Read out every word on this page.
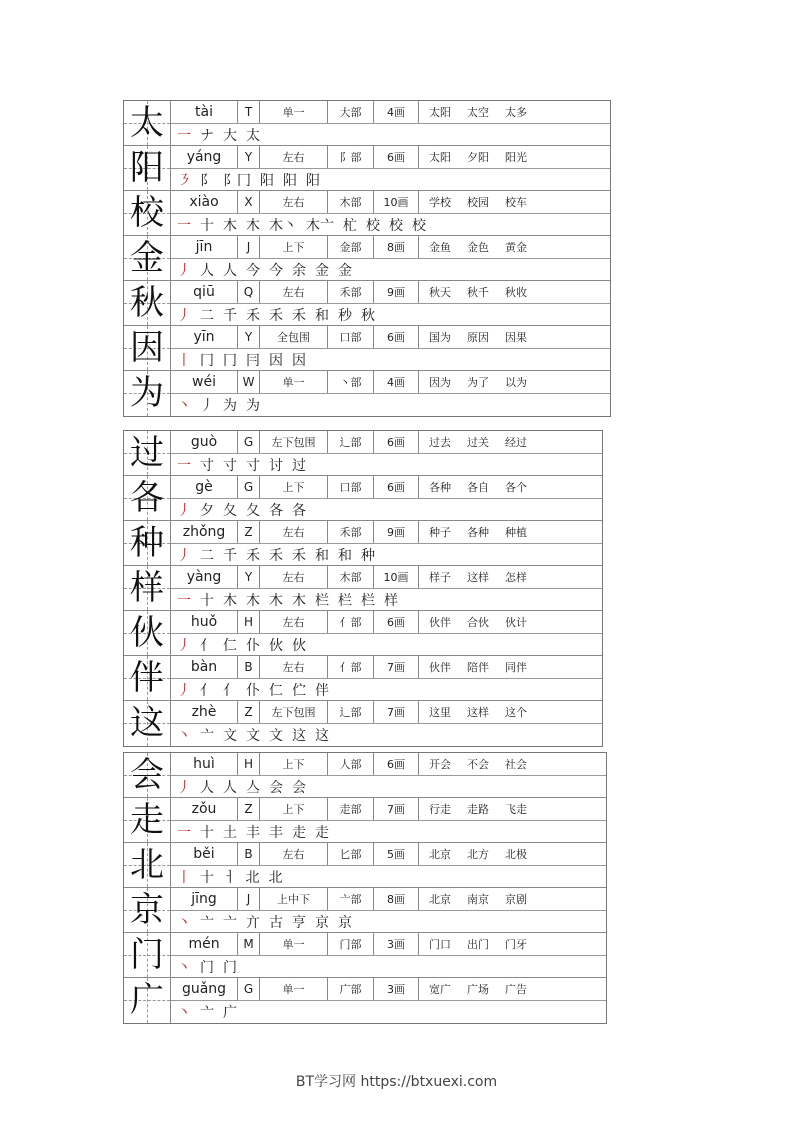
太	tài	T	单一	大部	4画	太阳 太空 太多
一 ナ 大 太
阳	yáng	Y	左右	阝部	6画	太阳 夕阳 阳光
㇋ 阝 阝冂 阳 阳 阳
校	xiào	X	左右	木部	10画	学校 校园 校车
一 十 木 木 木丶 木亠 杧 校 校 校
金	jīn	J	上下	金部	8画	金鱼 金色 黄金
丿 人 人 今 今 余 金 金
秋	qiū	Q	左右	禾部	9画	秋天 秋千 秋收
丿 二 千 禾 禾 禾 和 秒 秋
因	yīn	Y	全包围	口部	6画	国为 原因 因果
丨 冂 冂 冃 因 因
为	wéi	W	单一	丶部	4画	因为 为了 以为
丶 丿 为 为
过	guò	G	左下包围	辶部	6画	过去 过关 经过
一 寸 寸 寸 讨 过
各	gè	G	上下	口部	6画	各种 各自 各个
丿 夕 夂 夂 各 各
种	zhǒng	Z	左右	禾部	9画	种子 各种 种植
丿 二 千 禾 禾 禾 和 和 种
样	yàng	Y	左右	木部	10画	样子 这样 怎样
一 十 木 木 木 木 栏 栏 栏 样
伙	huǒ	H	左右	亻部	6画	伙伴 合伙 伙计
丿 亻 仁 仆 伙 伙
伴	bàn	B	左右	亻部	7画	伙伴 陪伴 同伴
丿 亻 亻 仆 仁 伫 伴
这	zhè	Z	左下包围	辶部	7画	这里 这样 这个
丶 亠 文 文 文 这 这
会	huì	H	上下	人部	6画	开会 不会 社会
丿 人 人 亼 会 会
走	zǒu	Z	上下	走部	7画	行走 走路 飞走
一 十 土 丰 丰 走 走
北	běi	B	左右	匕部	5画	北京 北方 北极
丨 十 ㅓ 北 北
京	jīng	J	上中下	亠部	8画	北京 南京 京剧
丶 亠 亠 亣 古 亨 京 京
门	mén	M	单一	门部	3画	门口 出门 门牙
丶 门 门
广	guǎng	G	单一	广部	3画	宽广 广场 广告
丶 亠 广
BT学习网 https://btxuexi.com
